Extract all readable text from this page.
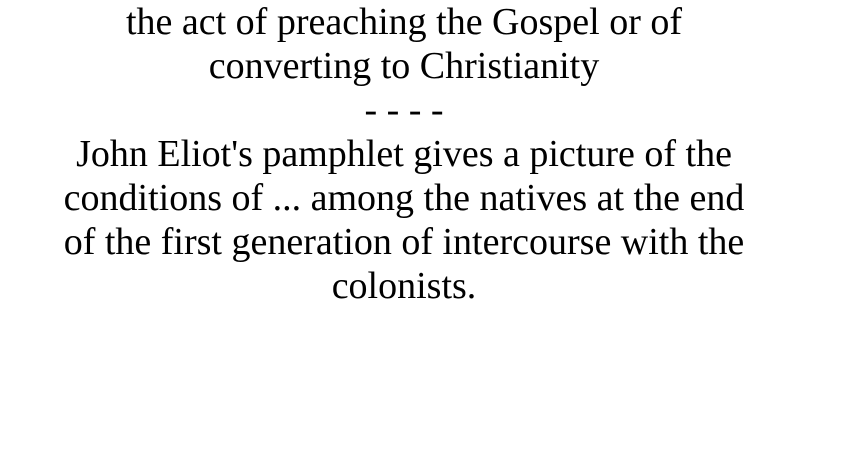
the act of preaching the Gospel or of
converting to Christianity
- - - -
John Eliot's pamphlet gives a picture of the
conditions of ... among the natives at the end
of the first generation of intercourse with the
colonists.
